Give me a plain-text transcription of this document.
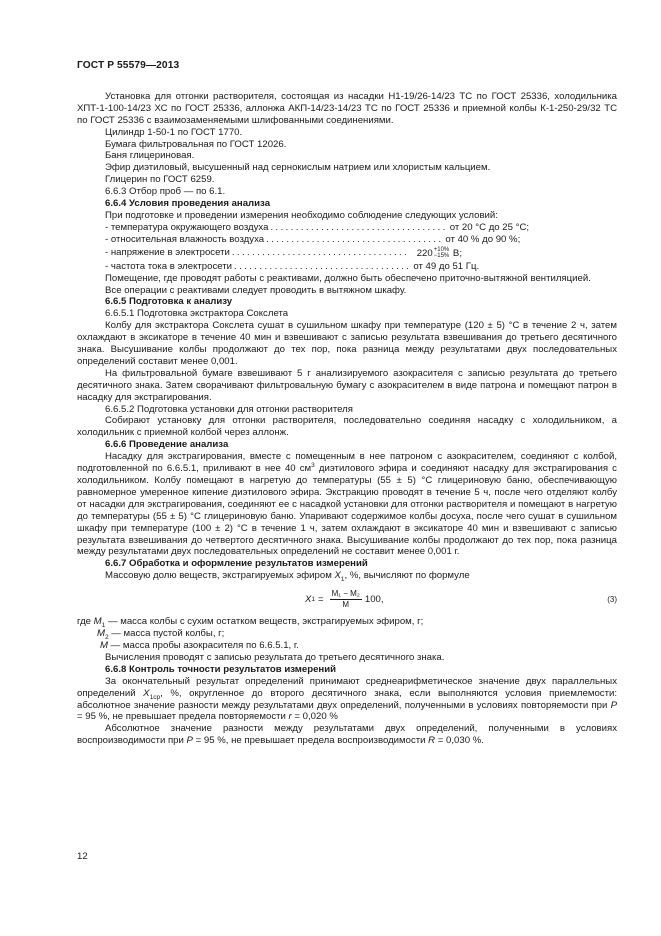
ГОСТ Р 55579—2013

Установка для отгонки растворителя, состоящая из насадки Н1-19/26-14/23 ТС по ГОСТ 25336, холодильника ХПТ-1-100-14/23 ХС по ГОСТ 25336, аллонжа АКП-14/23-14/23 ТС по ГОСТ 25336 и приемной колбы К-1-250-29/32 ТС по ГОСТ 25336 с взаимозаменяемыми шлифованными соединениями.

Цилиндр 1-50-1 по ГОСТ 1770.

Бумага фильтровальная по ГОСТ 12026.

Баня глицериновая.

Эфир диэтиловый, высушенный над сернокислым натрием или хлористым кальцием.

Глицерин по ГОСТ 6259.

6.6.3 Отбор проб — по 6.1.

6.6.4 Условия проведения анализа

При подготовке и проведении измерения необходимо соблюдение следующих условий:

- температура окружающего воздуха ................................... от 20 °С до 25 °С;
- относительная влажность воздуха ................................... от 40 % до 90 %;
- напряжение в электросети ................................... 220+10%
−15% В;
- частота тока в электросети ................................... от 49 до 51 Гц.

Помещение, где проводят работы с реактивами, должно быть обеспечено приточно-вытяжной вентиляцией.

Все операции с реактивами следует проводить в вытяжном шкафу.

6.6.5 Подготовка к анализу

6.6.5.1 Подготовка экстрактора Сокслета

Колбу для экстрактора Сокслета сушат в сушильном шкафу при температуре (120 ± 5) °С в течение 2 ч, затем охлаждают в эксикаторе в течение 40 мин и взвешивают с записью результата взвешивания до третьего десятичного знака. Высушивание колбы продолжают до тех пор, пока разница между результатами двух последовательных определений составит менее 0,001.

На фильтровальной бумаге взвешивают 5 г анализируемого азокрасителя с записью результата до третьего десятичного знака. Затем сворачивают фильтровальную бумагу с азокрасителем в виде патрона и помещают патрон в насадку для экстрагирования.

6.6.5.2 Подготовка установки для отгонки растворителя

Собирают установку для отгонки растворителя, последовательно соединяя насадку с холодильником, а холодильник с приемной колбой через аллонж.

6.6.6 Проведение анализа

Насадку для экстрагирования, вместе с помещенным в нее патроном с азокрасителем, соединяют с колбой, подготовленной по 6.6.5.1, приливают в нее 40 $см^3$ диэтилового эфира и соединяют насадку для экстрагирования с холодильником. Колбу помещают в нагретую до температуры (55 ± 5) °С глицериновую баню, обеспечивающую равномерное умеренное кипение диэтилового эфира. Экстракцию проводят в течение 5 ч, после чего отделяют колбу от насадки для экстрагирования, соединяют ее с насадкой установки для отгонки растворителя и помещают в нагретую до температуры (55 ± 5) °С глицериновую баню. Упаривают содержимое колбы досуха, после чего сушат в сушильном шкафу при температуре (100 ± 2) °С в течение 1 ч, затем охлаждают в эксикаторе 40 мин и взвешивают с записью результата взвешивания до четвертого десятичного знака. Высушивание колбы продолжают до тех пор, пока разница между результатами двух последовательных определений не составит менее 0,001 г.

6.6.7 Обработка и оформление результатов измерений

Массовую долю веществ, экстрагируемых эфиром $X_1$, %, вычисляют по формуле

X $1 = \frac{\text{M₁ − M₂}}{M} 100$,	(3)

где $M_1$ — масса колбы с сухим остатком веществ, экстрагируемых эфиром, г;

$M_2$ — масса пустой колбы, г;

M — масса пробы азокрасителя по 6.6.5.1, г.

Вычисления проводят с записью результата до третьего десятичного знака.

6.6.8 Контроль точности результатов измерений

За окончательный результат определений принимают среднеарифметическое значение двух параллельных определений $X_{1ср}$, %, округленное до второго десятичного знака, если выполняются условия приемлемости: абсолютное значение разности между результатами двух определений, полученными в условиях повторяемости при P = 95 %, не превышает предела повторяемости r = 0,020 %

Абсолютное значение разности между результатами двух определений, полученными в условиях воспроизводимости при P = 95 %, не превышает предела воспроизводимости R = 0,030 %.

12
